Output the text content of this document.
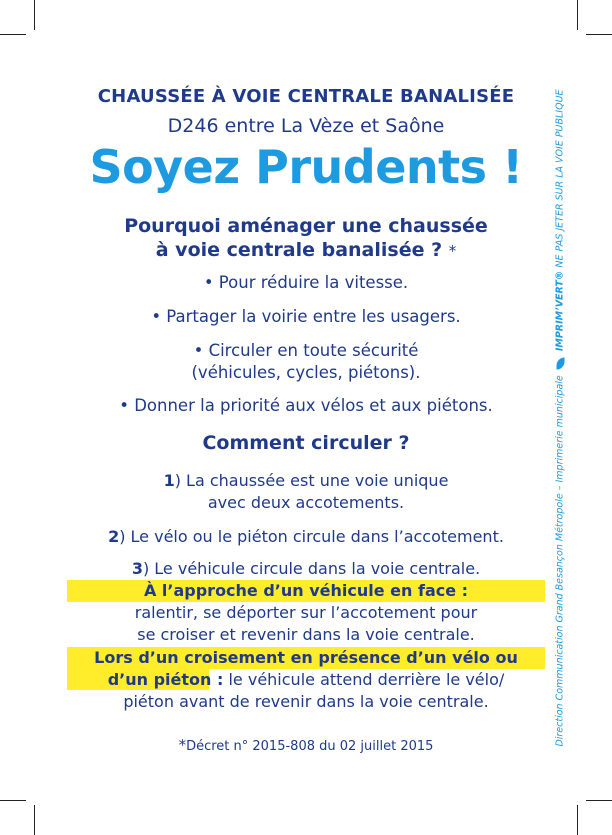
CHAUSSÉE À VOIE CENTRALE BANALISÉE
D246 entre La Vèze et Saône
Soyez Prudents !
Pourquoi aménager une chaussée
à voie centrale banalisée ? *
• Pour réduire la vitesse.
• Partager la voirie entre les usagers.
• Circuler en toute sécurité
(véhicules, cycles, piétons).
• Donner la priorité aux vélos et aux piétons.
Comment circuler ?
1) La chaussée est une voie unique
avec deux accotements.
2) Le vélo ou le piéton circule dans l’accotement.
3) Le véhicule circule dans la voie centrale.
À l’approche d’un véhicule en face :
ralentir, se déporter sur l’accotement pour
se croiser et revenir dans la voie centrale.
Lors d’un croisement en présence d’un vélo ou
d’un piéton : le véhicule attend derrière le vélo/
piéton avant de revenir dans la voie centrale.
*Décret n° 2015-808 du 02 juillet 2015	Direction Communication Grand Besançon Métropole – Imprimerie municipale  IMPRIM’VERT® NE PAS JETER SUR LA VOIE PUBLIQUE
